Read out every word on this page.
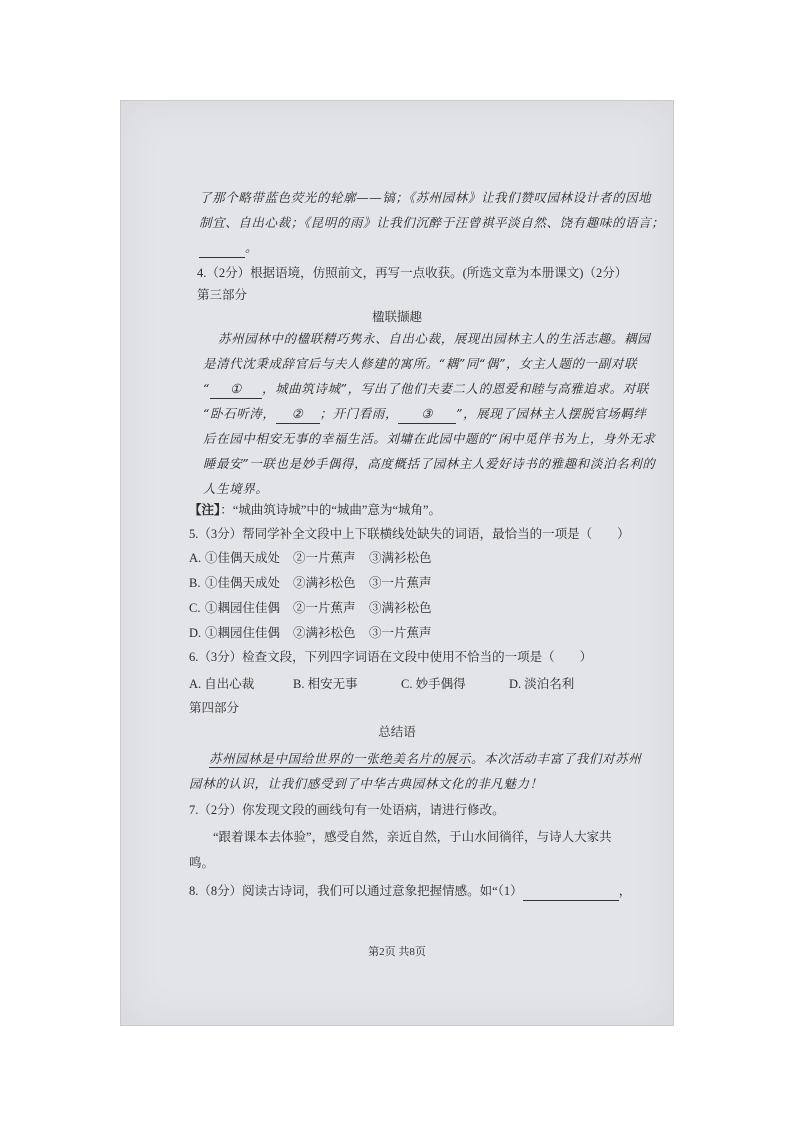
了那个略带蓝色荧光的轮廓——镐；《苏州园林》让我们赞叹园林设计者的因地
制宜、自出心裁；《昆明的雨》让我们沉醉于汪曾祺平淡自然、饶有趣味的语言；
。
4.（2分）根据语境，仿照前文，再写一点收获。(所选文章为本册课文)（2分）
第三部分
楹联撷趣
苏州园林中的楹联精巧隽永、自出心裁，展现出园林主人的生活志趣。耦园
是清代沈秉成辞官后与夫人修建的寓所。“耦”同“偶”，女主人题的一副对联
“ ① ，城曲筑诗城”，写出了他们夫妻二人的恩爱和睦与高雅追求。对联
“卧石听涛， ② ；开门看雨， ③ ”，展现了园林主人摆脱官场羁绊
后在园中相安无事的幸福生活。刘墉在此园中题的“闲中觅伴书为上，身外无求
睡最安”一联也是妙手偶得，高度概括了园林主人爱好诗书的雅趣和淡泊名利的
人生境界。
【注】：“城曲筑诗城”中的“城曲”意为“城角”。
5.（3分）帮同学补全文段中上下联横线处缺失的词语，最恰当的一项是（　　）
A. ①佳偶天成处 ②一片蕉声 ③满衫松色
B. ①佳偶天成处 ②满衫松色 ③一片蕉声
C. ①耦园住佳偶 ②一片蕉声 ③满衫松色
D. ①耦园住佳偶 ②满衫松色 ③一片蕉声
6.（3分）检查文段，下列四字词语在文段中使用不恰当的一项是（　　）
A. 自出心裁	B. 相安无事	C. 妙手偶得	D. 淡泊名利
第四部分
总结语
苏州园林是中国给世界的一张绝美名片的展示。本次活动丰富了我们对苏州
园林的认识，让我们感受到了中华古典园林文化的非凡魅力！
7.（2分）你发现文段的画线句有一处语病，请进行修改。
“跟着课本去体验”，感受自然，亲近自然，于山水间徜徉，与诗人大家共
鸣。
8.（8分）阅读古诗词，我们可以通过意象把握情感。如“（1）	，
第2页 共8页
